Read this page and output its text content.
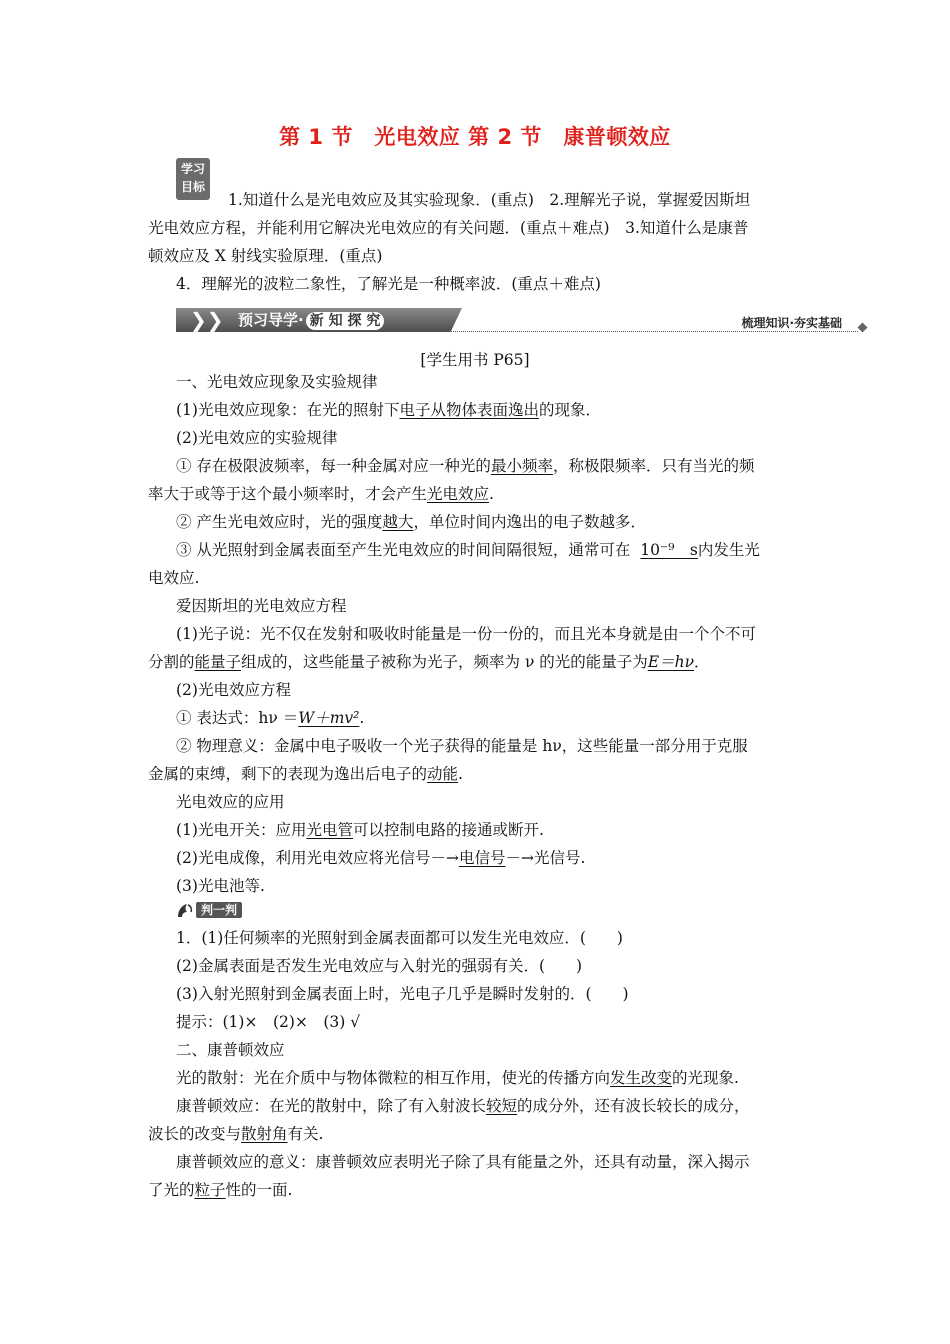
第 1 节　光电效应 第 2 节　康普顿效应
学习
目标
1.知道什么是光电效应及其实验现象．(重点)　2.理解光子说，掌握爱因斯坦
光电效应方程，并能利用它解决光电效应的有关问题．(重点＋难点)　3.知道什么是康普
顿效应及 X 射线实验原理．(重点)
4．理解光的波粒二象性，了解光是一种概率波．(重点＋难点)
❯❯ 预习导学· 新 知 探 究	梳理知识·夯实基础
[学生用书 P65]
一、光电效应现象及实验规律
(1)光电效应现象：在光的照射下电子从物体表面逸出的现象．
(2)光电效应的实验规律
① 存在极限波频率，每一种金属对应一种光的最小频率，称极限频率．只有当光的频
率大于或等于这个最小频率时，才会产生光电效应.
② 产生光电效应时，光的强度越大，单位时间内逸出的电子数越多．
③ 从光照射到金属表面至产生光电效应的时间间隔很短，通常可在 10⁻⁹　s内发生光
电效应.
爱因斯坦的光电效应方程
(1)光子说：光不仅在发射和吸收时能量是一份一份的，而且光本身就是由一个个不可
分割的能量子组成的，这些能量子被称为光子，频率为 ν 的光的能量子为E＝hν．
(2)光电效应方程
① 表达式：hν ＝W＋mv².
② 物理意义：金属中电子吸收一个光子获得的能量是 hν，这些能量一部分用于克服
金属的束缚，剩下的表现为逸出后电子的动能.
光电效应的应用
(1)光电开关：应用光电管可以控制电路的接通或断开.
(2)光电成像，利用光电效应将光信号－→电信号－→光信号.
(3)光电池等.
判一判
1．(1)任何频率的光照射到金属表面都可以发生光电效应．(　　)
(2)金属表面是否发生光电效应与入射光的强弱有关．(　　)
(3)入射光照射到金属表面上时，光电子几乎是瞬时发射的．(　　)
提示：(1)×　(2)×　(3) √
二、康普顿效应
光的散射：光在介质中与物体微粒的相互作用，使光的传播方向发生改变的光现象.
康普顿效应：在光的散射中，除了有入射波长较短的成分外，还有波长较长的成分，
波长的改变与散射角有关.
康普顿效应的意义：康普顿效应表明光子除了具有能量之外，还具有动量，深入揭示
了光的粒子性的一面.
